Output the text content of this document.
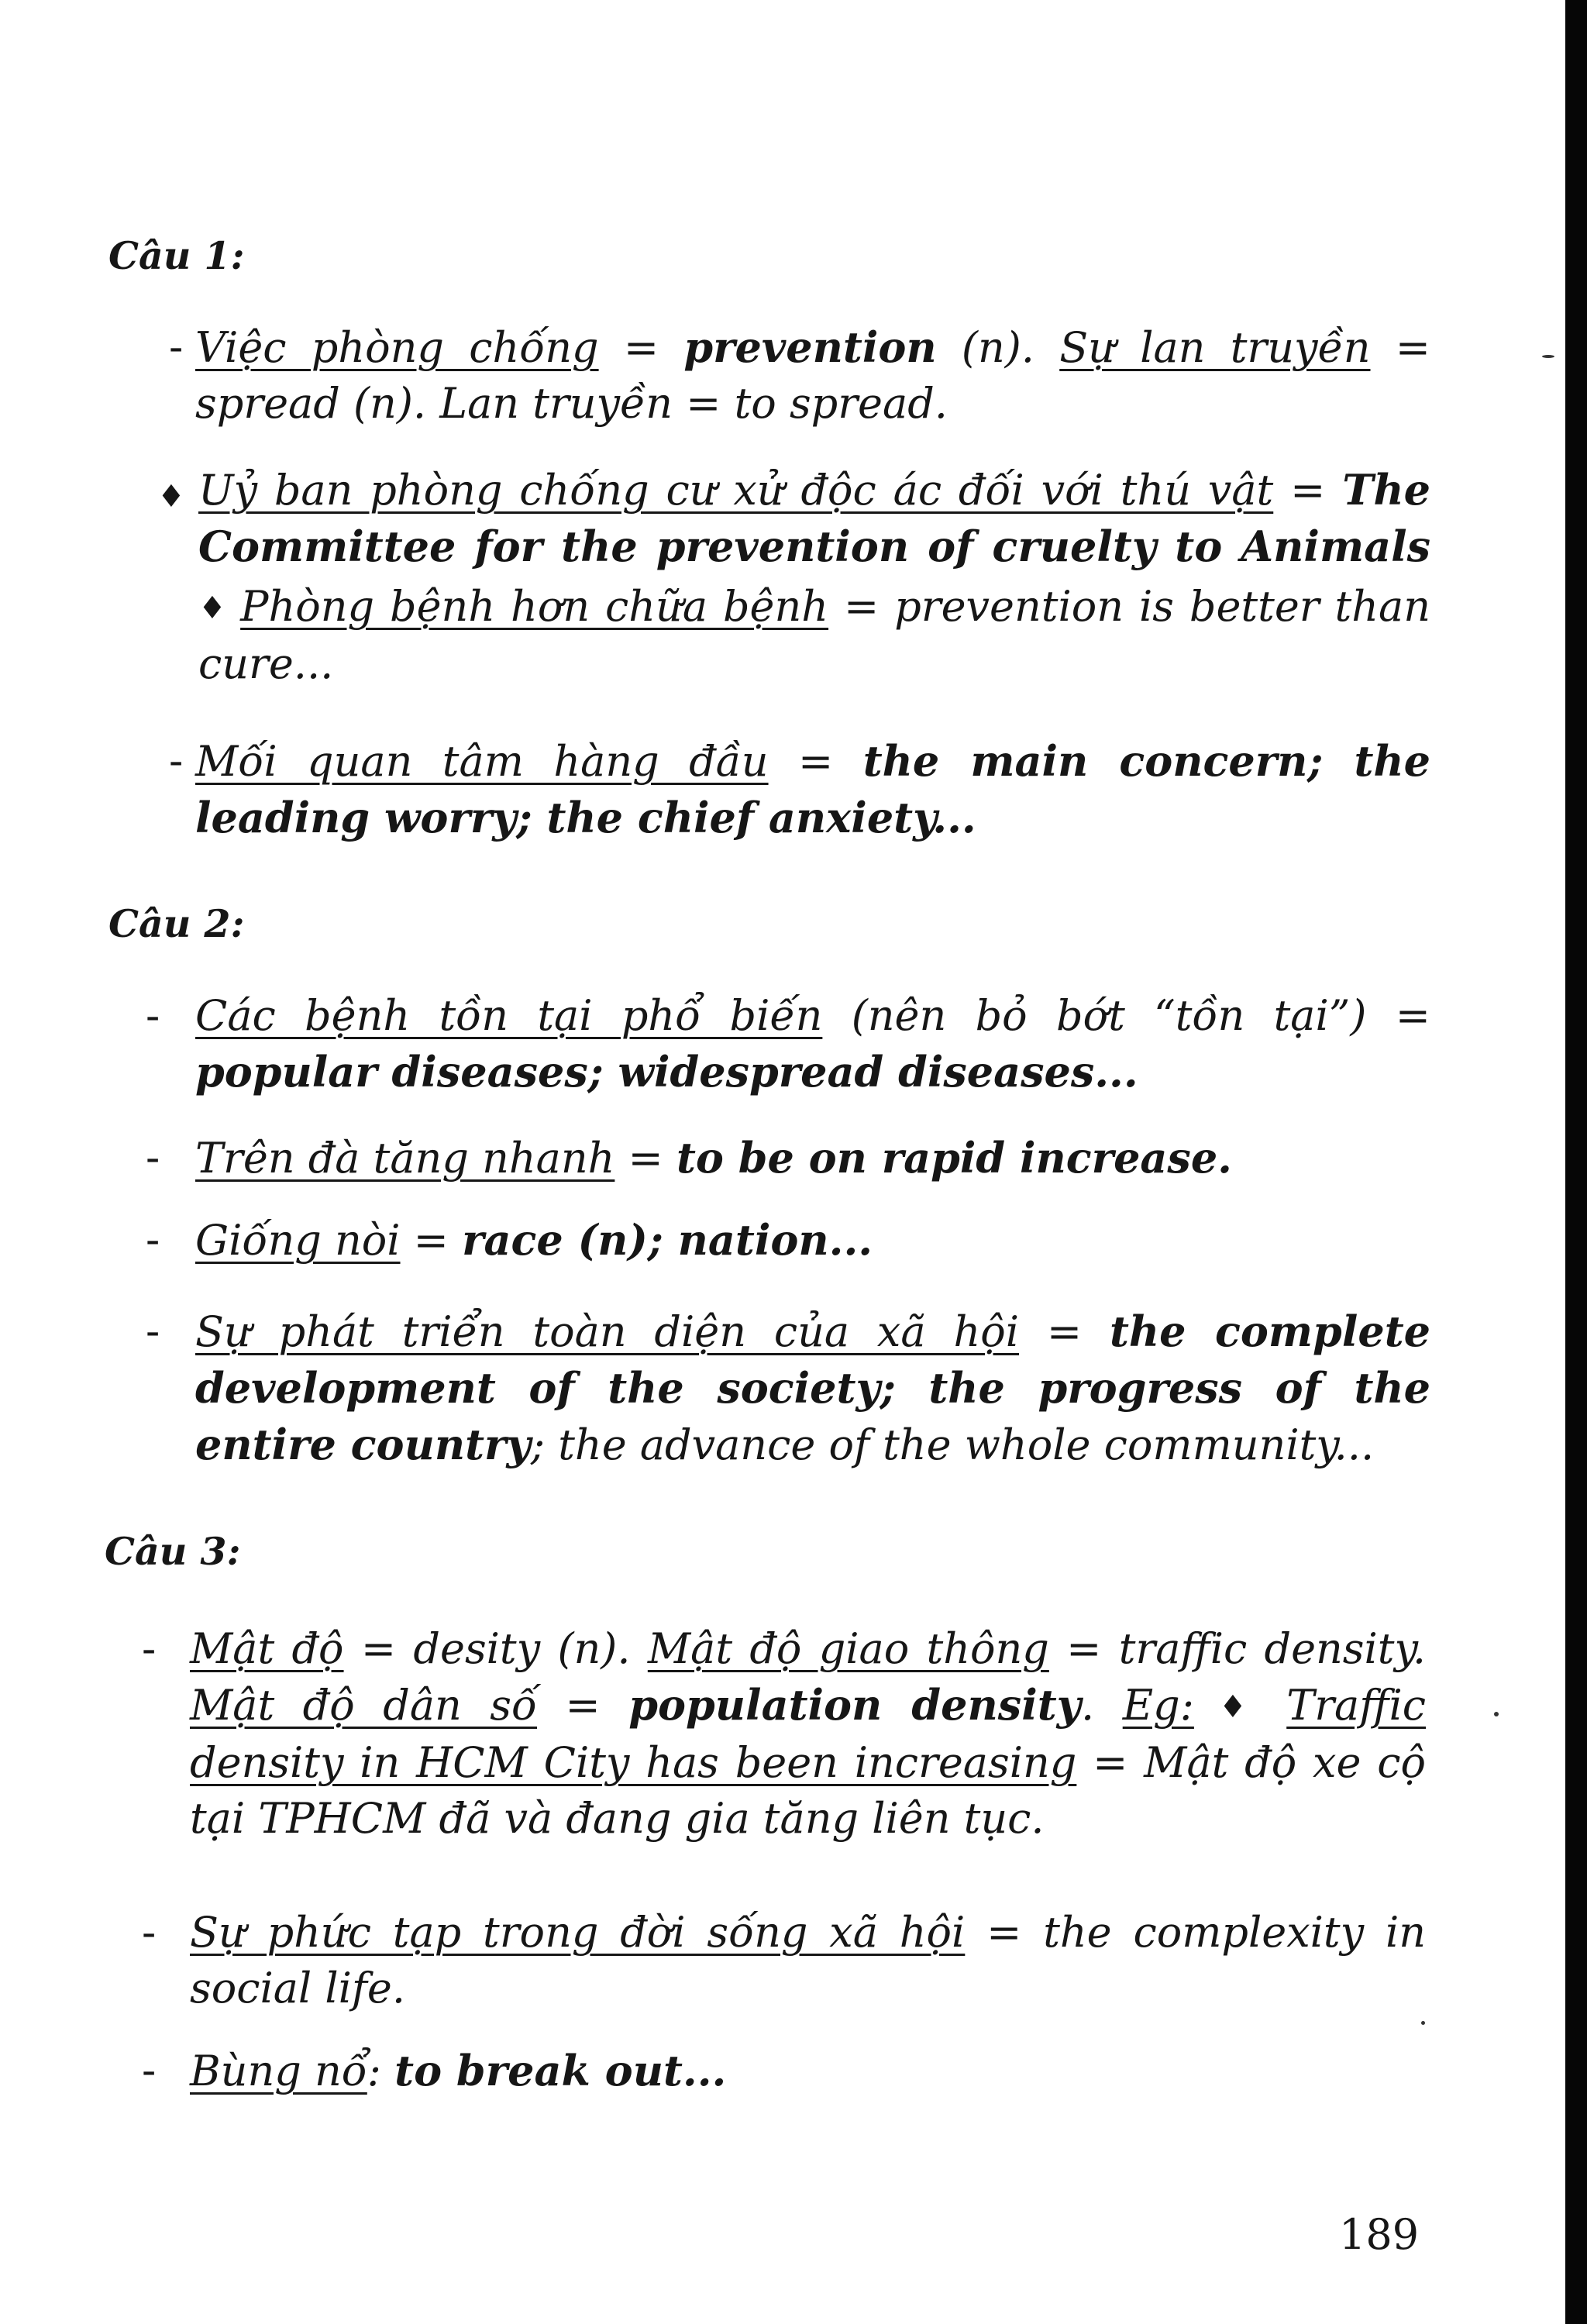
Câu 1:
- Việc phòng chống = prevention (n). Sự lan truyền = spread (n). Lan truyền = to spread.
♦ Uỷ ban phòng chống cư xử độc ác đối với thú vật = The Committee for the prevention of cruelty to Animals ♦ Phòng bệnh hơn chữa bệnh = prevention is better than cure...
- Mối quan tâm hàng đầu = the main concern; the leading worry; the chief anxiety...
Câu 2:
- Các bệnh tồn tại phổ biến (nên bỏ bớt “tồn tại”) = popular diseases; widespread diseases...
- Trên đà tăng nhanh = to be on rapid increase.
- Giống nòi = race (n); nation...
- Sự phát triển toàn diện của xã hội = the complete development of the society; the progress of the entire country; the advance of the whole community...
Câu 3:
- Mật độ = desity (n). Mật độ giao thông = traffic density. Mật độ dân số = population density. Eg: ♦ Traffic density in HCM City has been increasing = Mật độ xe cộ tại TPHCM đã và đang gia tăng liên tục.
- Sự phức tạp trong đời sống xã hội = the complexity in social life.
- Bùng nổ: to break out...
189
